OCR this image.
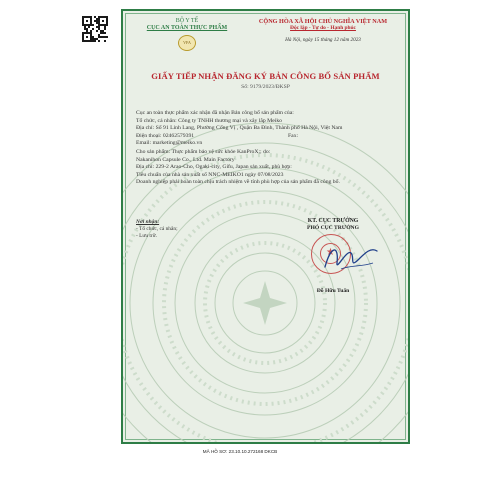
BỘ Y TẾ
CỤC AN TOÀN THỰC PHẨM
VFA
CỘNG HÒA XÃ HỘI CHỦ NGHĨA VIỆT NAM
Độc lập - Tự do - Hạnh phúc
Hà Nội, ngày 15 tháng 12 năm 2023
GIẤY TIẾP NHẬN ĐĂNG KÝ BẢN CÔNG BỐ SẢN PHẨM
Số: 9179/2023/ĐKSP
Cục an toàn thực phẩm xác nhận đã nhận Bản công bố sản phẩm của:
Tổ chức, cá nhân: Công ty TNHH thương mại và xây lắp Meiko
Địa chỉ: Số 91 Linh Lang, Phường Cống Vị , Quận Ba Đình, Thành phố Hà Nội, Việt Nam
Điện thoại: 02462579391	Fax:
Email: marketing@meiko.vn
Cho sản phẩm: Thực phẩm bảo vệ sức khỏe KanProX;; do:
Nakanihon Capsule Co., Ltd. Main Factory
Địa chỉ: 229-2 Arao-Cho, Ogaki-city, Gifu, Japan sản xuất, phù hợp:
Tiêu chuẩn của nhà sản xuất số NNC-MEIKO1 ngày 07/08/2023
Doanh nghiệp phải hoàn toàn chịu trách nhiệm về tính phù hợp của sản phẩm đã công bố.
Nơi nhận:
- Tổ chức, cá nhân;
- Lưu trữ.
KT. CỤC TRƯỞNG
PHÓ CỤC TRƯỞNG
★
Đỗ Hữu Tuấn
MÃ HỒ SƠ: 23.10.10.272168 DKCB
